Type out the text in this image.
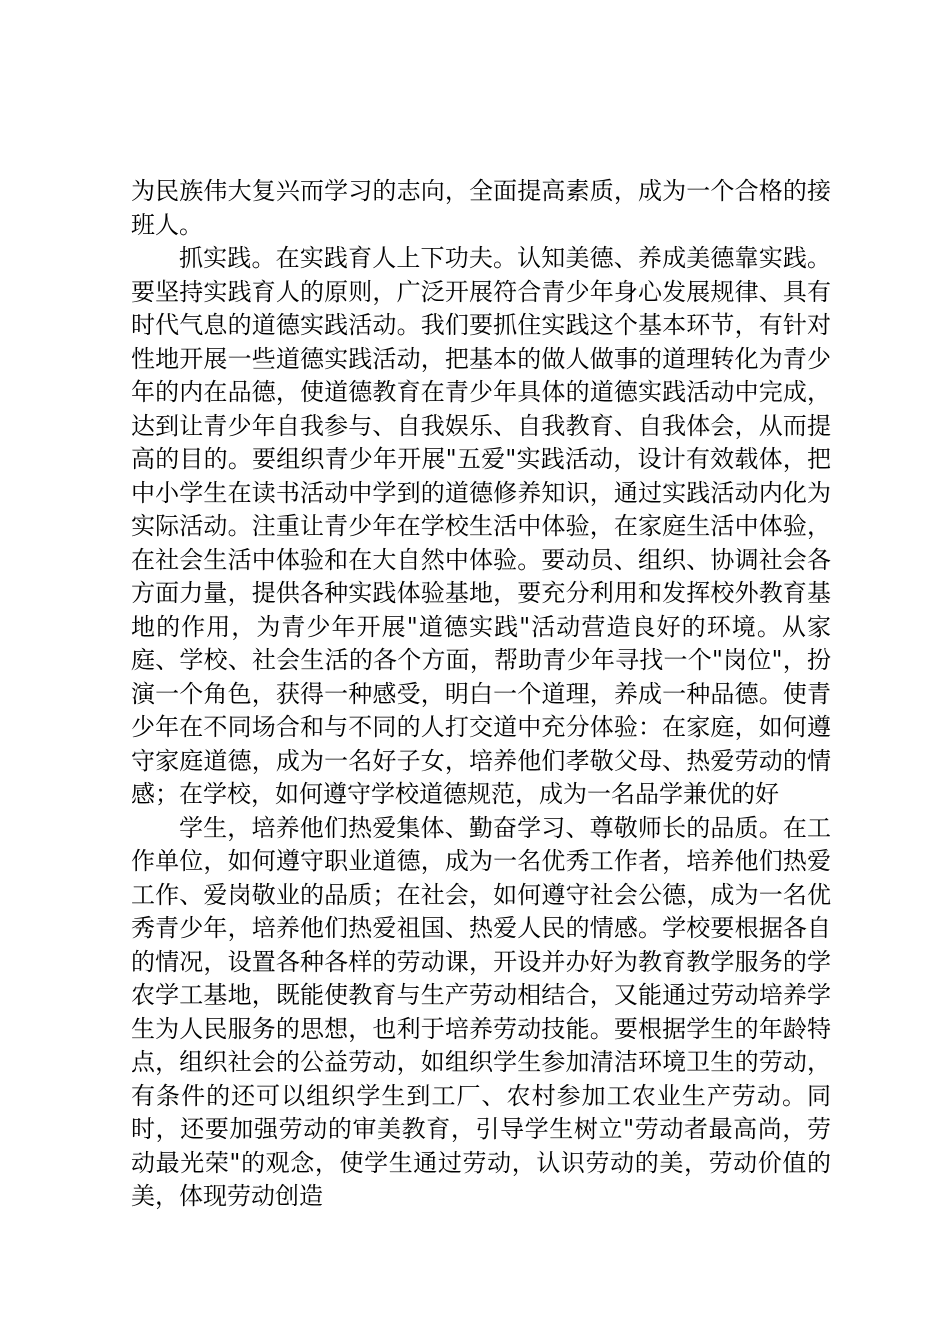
为民族伟大复兴而学习的志向，全面提高素质，成为一个合格的接班人。

抓实践。在实践育人上下功夫。认知美德、养成美德靠实践。要坚持实践育人的原则，广泛开展符合青少年身心发展规律、具有时代气息的道德实践活动。我们要抓住实践这个基本环节，有针对性地开展一些道德实践活动，把基本的做人做事的道理转化为青少年的内在品德，使道德教育在青少年具体的道德实践活动中完成，达到让青少年自我参与、自我娱乐、自我教育、自我体会，从而提高的目的。要组织青少年开展"五爱"实践活动，设计有效载体，把中小学生在读书活动中学到的道德修养知识，通过实践活动内化为实际活动。注重让青少年在学校生活中体验，在家庭生活中体验，在社会生活中体验和在大自然中体验。要动员、组织、协调社会各方面力量，提供各种实践体验基地，要充分利用和发挥校外教育基地的作用，为青少年开展"道德实践"活动营造良好的环境。从家庭、学校、社会生活的各个方面，帮助青少年寻找一个"岗位"，扮演一个角色，获得一种感受，明白一个道理，养成一种品德。使青少年在不同场合和与不同的人打交道中充分体验：在家庭，如何遵守家庭道德，成为一名好子女，培养他们孝敬父母、热爱劳动的情感；在学校，如何遵守学校道德规范，成为一名品学兼优的好

学生，培养他们热爱集体、勤奋学习、尊敬师长的品质。在工作单位，如何遵守职业道德，成为一名优秀工作者，培养他们热爱工作、爱岗敬业的品质；在社会，如何遵守社会公德，成为一名优秀青少年，培养他们热爱祖国、热爱人民的情感。学校要根据各自的情况，设置各种各样的劳动课，开设并办好为教育教学服务的学农学工基地，既能使教育与生产劳动相结合，又能通过劳动培养学生为人民服务的思想，也利于培养劳动技能。要根据学生的年龄特点，组织社会的公益劳动，如组织学生参加清洁环境卫生的劳动，有条件的还可以组织学生到工厂、农村参加工农业生产劳动。同时，还要加强劳动的审美教育，引导学生树立"劳动者最高尚，劳动最光荣"的观念，使学生通过劳动，认识劳动的美，劳动价值的美，体现劳动创造
